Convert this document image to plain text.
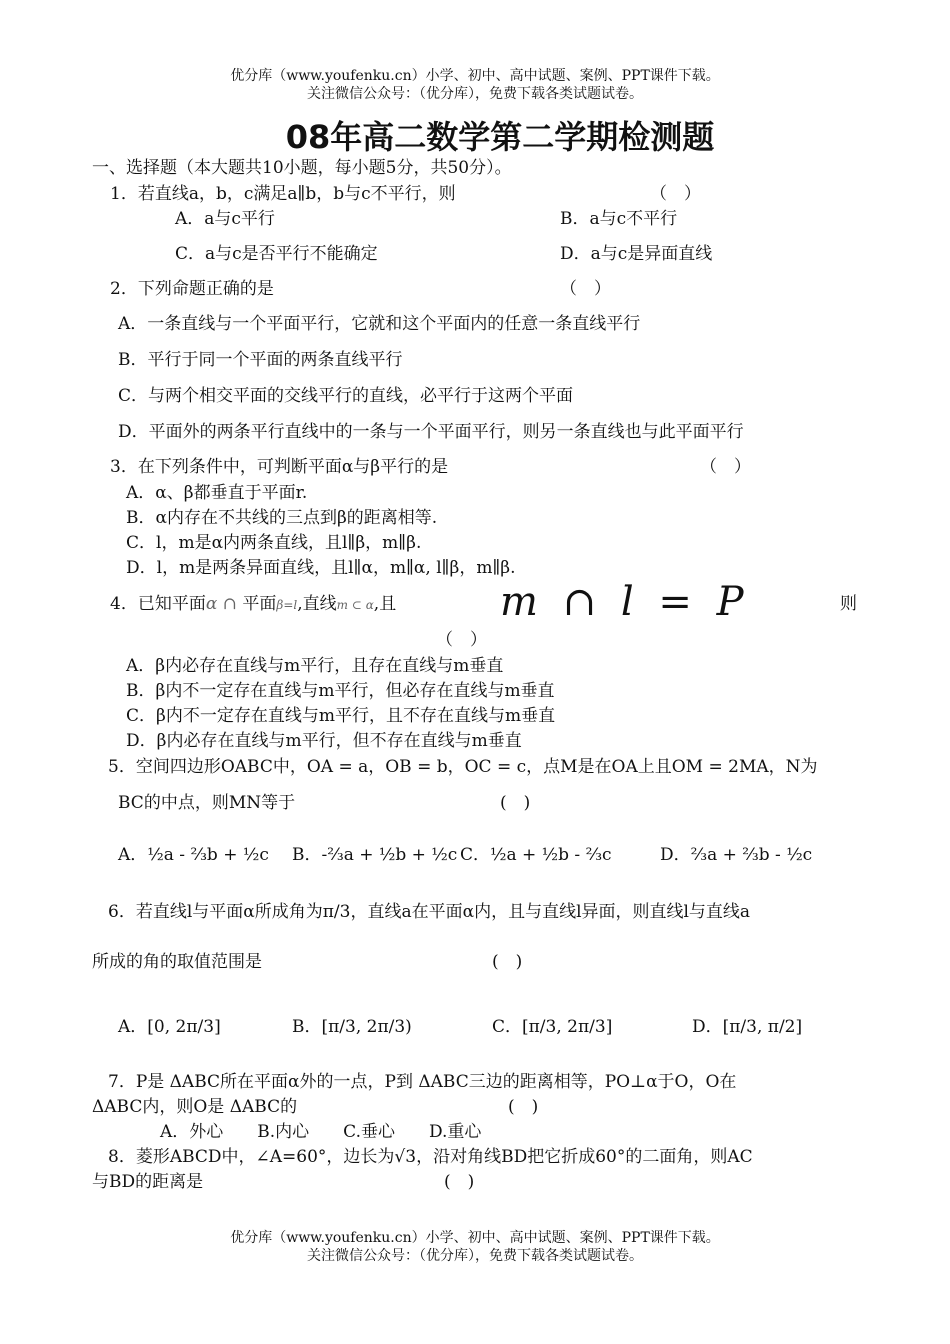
优分库（www.youfenku.cn）小学、初中、高中试题、案例、PPT课件下载。
关注微信公众号：（优分库），免费下载各类试题试卷。
08年高二数学第二学期检测题
一、选择题（本大题共10小题，每小题5分，共50分）。
1．若直线a，b，c满足a∥b，b与c不平行，则	（　）
A．a与c平行	B．a与c不平行
C．a与c是否平行不能确定	D．a与c是异面直线
2．下列命题正确的是	（　）
A．一条直线与一个平面平行，它就和这个平面内的任意一条直线平行
B．平行于同一个平面的两条直线平行
C．与两个相交平面的交线平行的直线，必平行于这两个平面
D．平面外的两条平行直线中的一条与一个平面平行，则另一条直线也与此平面平行
3．在下列条件中，可判断平面α与β平行的是	（　）
A．α、β都垂直于平面r.
B．α内存在不共线的三点到β的距离相等.
C．l，m是α内两条直线，且l∥β，m∥β.
D．l，m是两条异面直线，且l∥α，m∥α, l∥β，m∥β.
4．已知平面α ∩ 平面β=l,直线m ⊂ α,且	m ∩ l = P	则
（　）
A．β内必存在直线与m平行，且存在直线与m垂直
B．β内不一定存在直线与m平行，但必存在直线与m垂直
C．β内不一定存在直线与m平行，且不存在直线与m垂直
D．β内必存在直线与m平行，但不存在直线与m垂直
5．空间四边形OABC中，OA = a，OB = b，OC = c，点M是在OA上且OM = 2MA，N为
BC的中点，则MN等于	(　)
A．½a - ⅔b + ½c B．-⅔a + ½b + ½c C．½a + ½b - ⅔c	D．⅔a + ⅔b - ½c
6．若直线l与平面α所成角为π/3，直线a在平面α内，且与直线l异面，则直线l与直线a
所成的角的取值范围是	(　)
A．[0, 2π/3]	B．[π/3, 2π/3)	C．[π/3, 2π/3]	D．[π/3, π/2]
7．P是 ΔABC所在平面α外的一点，P到 ΔABC三边的距离相等，PO⊥α于O，O在
ΔABC内，则O是 ΔABC的	(　)
A．外心　　B.内心　　C.垂心　　D.重心
8．菱形ABCD中，∠A=60°，边长为√3，沿对角线BD把它折成60°的二面角，则AC
与BD的距离是	(　)
优分库（www.youfenku.cn）小学、初中、高中试题、案例、PPT课件下载。
关注微信公众号：（优分库），免费下载各类试题试卷。
